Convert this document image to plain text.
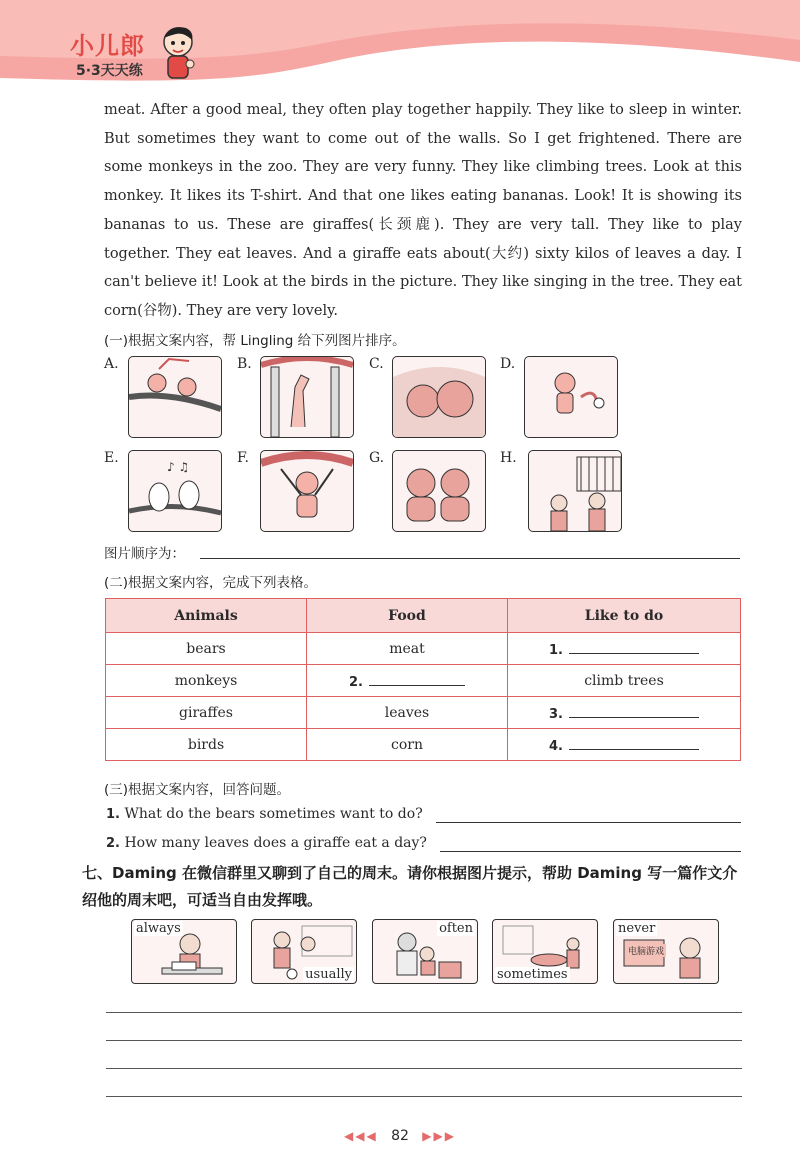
小儿郎
5·3天天练
meat. After a good meal, they often play together happily. They like to sleep in winter. But sometimes they want to come out of the walls. So I get frightened. There are some monkeys in the zoo. They are very funny. They like climbing trees. Look at this monkey. It likes its T-shirt. And that one likes eating bananas. Look! It is showing its bananas to us. These are giraffes(长颈鹿). They are very tall. They like to play together. They eat leaves. And a giraffe eats about(大约) sixty kilos of leaves a day. I can't believe it! Look at the birds in the picture. They like singing in the tree. They eat corn(谷物). They are very lovely.
(一)根据文案内容，帮 Lingling 给下列图片排序。
A.	B.	C.	D.
E.
♪ ♫
F.	G.	H.
图片顺序为：
(二)根据文案内容，完成下列表格。
Animals	Food	Like to do
bears	meat	1.
monkeys	2.	climb trees
giraffes	leaves	3.
birds	corn	4.
(三)根据文案内容，回答问题。
1. What do the bears sometimes want to do?
2. How many leaves does a giraffe eat a day?
七、Daming 在微信群里又聊到了自己的周末。请你根据图片提示，帮助 Daming 写一篇作文介绍他的周末吧，可适当自由发挥哦。
always
usually
often
sometimes
never
电脑游戏
◀◀◀ 82 ▶▶▶
